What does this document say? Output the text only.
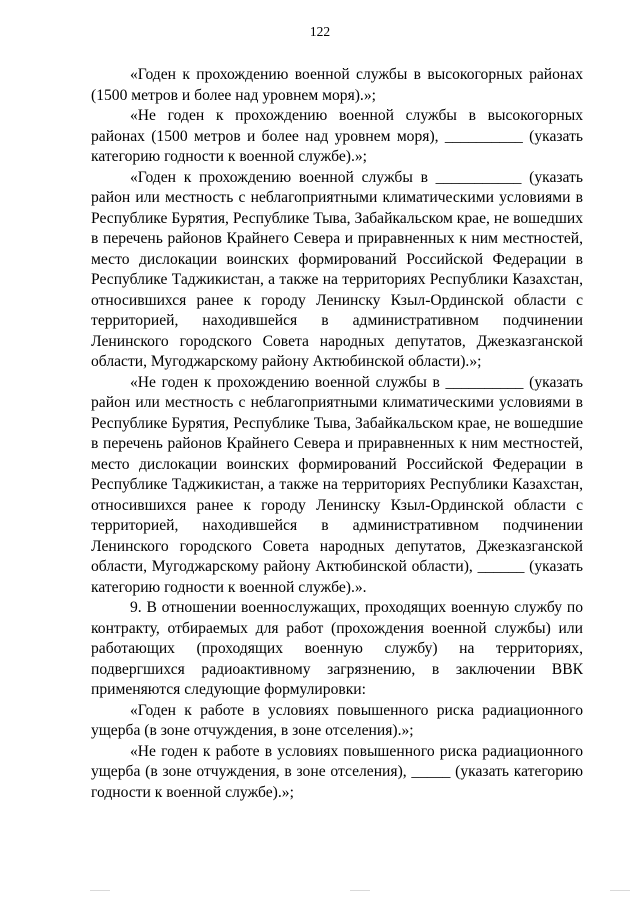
122

«Годен к прохождению военной службы в высокогорных районах (1500 метров и более над уровнем моря).»;

«Не годен к прохождению военной службы в высокогорных районах (1500 метров и более над уровнем моря), __________ (указать категорию годности к военной службе).»;

«Годен к прохождению военной службы в ___________ (указать район или местность с неблагоприятными климатическими условиями в Республике Бурятия, Республике Тыва, Забайкальском крае, не вошедших в перечень районов Крайнего Севера и приравненных к ним местностей, место дислокации воинских формирований Российской Федерации в Республике Таджикистан, а также на территориях Республики Казахстан, относившихся ранее к городу Ленинску Кзыл-Ординской области с территорией, находившейся в административном подчинении Ленинского городского Совета народных депутатов, Джезказганской области, Мугоджарскому району Актюбинской области).»;

«Не годен к прохождению военной службы в __________ (указать район или местность с неблагоприятными климатическими условиями в Республике Бурятия, Республике Тыва, Забайкальском крае, не вошедшие в перечень районов Крайнего Севера и приравненных к ним местностей, место дислокации воинских формирований Российской Федерации в Республике Таджикистан, а также на территориях Республики Казахстан, относившихся ранее к городу Ленинску Кзыл-Ординской области с территорией, находившейся в административном подчинении Ленинского городского Совета народных депутатов, Джезказганской области, Мугоджарскому району Актюбинской области), ______ (указать категорию годности к военной службе).».

9. В отношении военнослужащих, проходящих военную службу по контракту, отбираемых для работ (прохождения военной службы) или работающих (проходящих военную службу) на территориях, подвергшихся радиоактивному загрязнению, в заключении ВВК применяются следующие формулировки:

«Годен к работе в условиях повышенного риска радиационного ущерба (в зоне отчуждения, в зоне отселения).»;

«Не годен к работе в условиях повышенного риска радиационного ущерба (в зоне отчуждения, в зоне отселения), _____ (указать категорию годности к военной службе).»;
